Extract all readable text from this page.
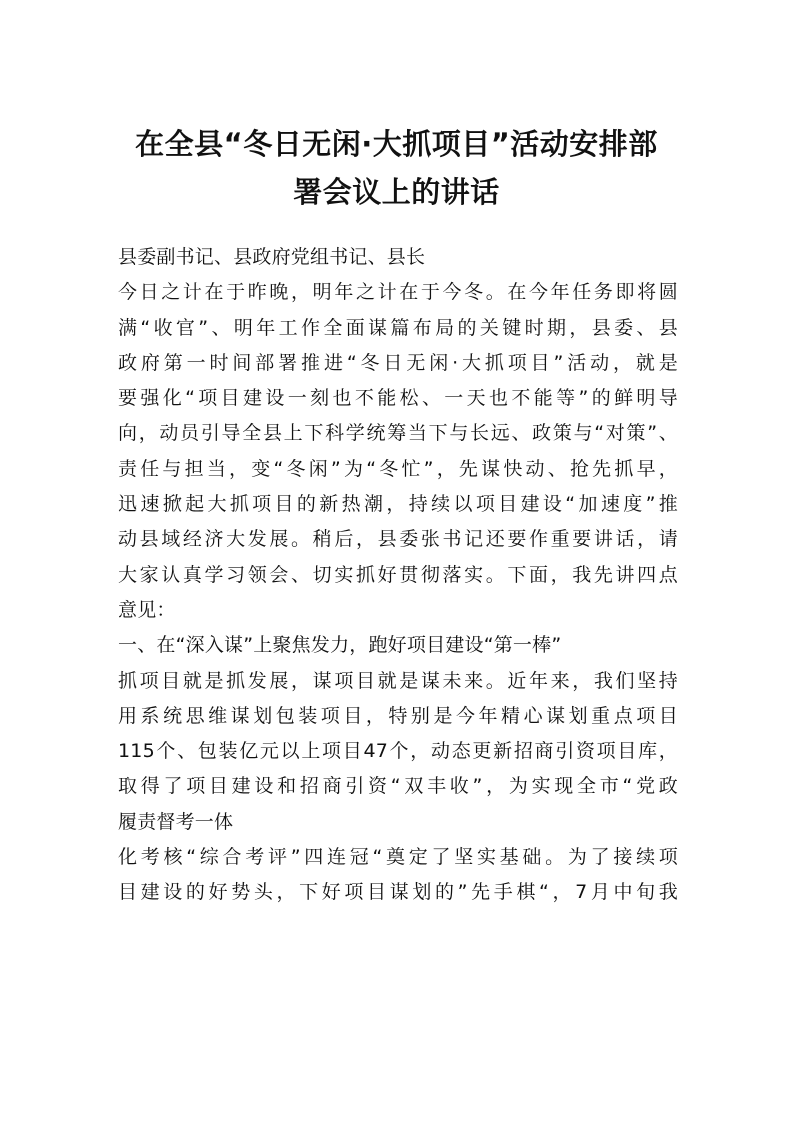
在全县“冬日无闲·大抓项目”活动安排部
署会议上的讲话
县委副书记、县政府党组书记、县长
今日之计在于昨晚，明年之计在于今冬。在今年任务即将圆
满“收官”、明年工作全面谋篇布局的关键时期，县委、县
政府第一时间部署推进“冬日无闲·大抓项目”活动，就是
要强化“项目建设一刻也不能松、一天也不能等”的鲜明导
向，动员引导全县上下科学统筹当下与长远、政策与“对策”、
责任与担当，变“冬闲”为“冬忙”，先谋快动、抢先抓早，
迅速掀起大抓项目的新热潮，持续以项目建设“加速度”推
动县域经济大发展。稍后，县委张书记还要作重要讲话，请
大家认真学习领会、切实抓好贯彻落实。下面，我先讲四点
意见：
一、在“深入谋”上聚焦发力，跑好项目建设“第一棒”
抓项目就是抓发展，谋项目就是谋未来。近年来，我们坚持
用系统思维谋划包装项目，特别是今年精心谋划重点项目
115个、包装亿元以上项目47个，动态更新招商引资项目库，
取得了项目建设和招商引资“双丰收”，为实现全市“党政
履责督考一体
化考核“综合考评”四连冠“奠定了坚实基础。为了接续项
目建设的好势头，下好项目谋划的”先手棋“，7月中旬我
